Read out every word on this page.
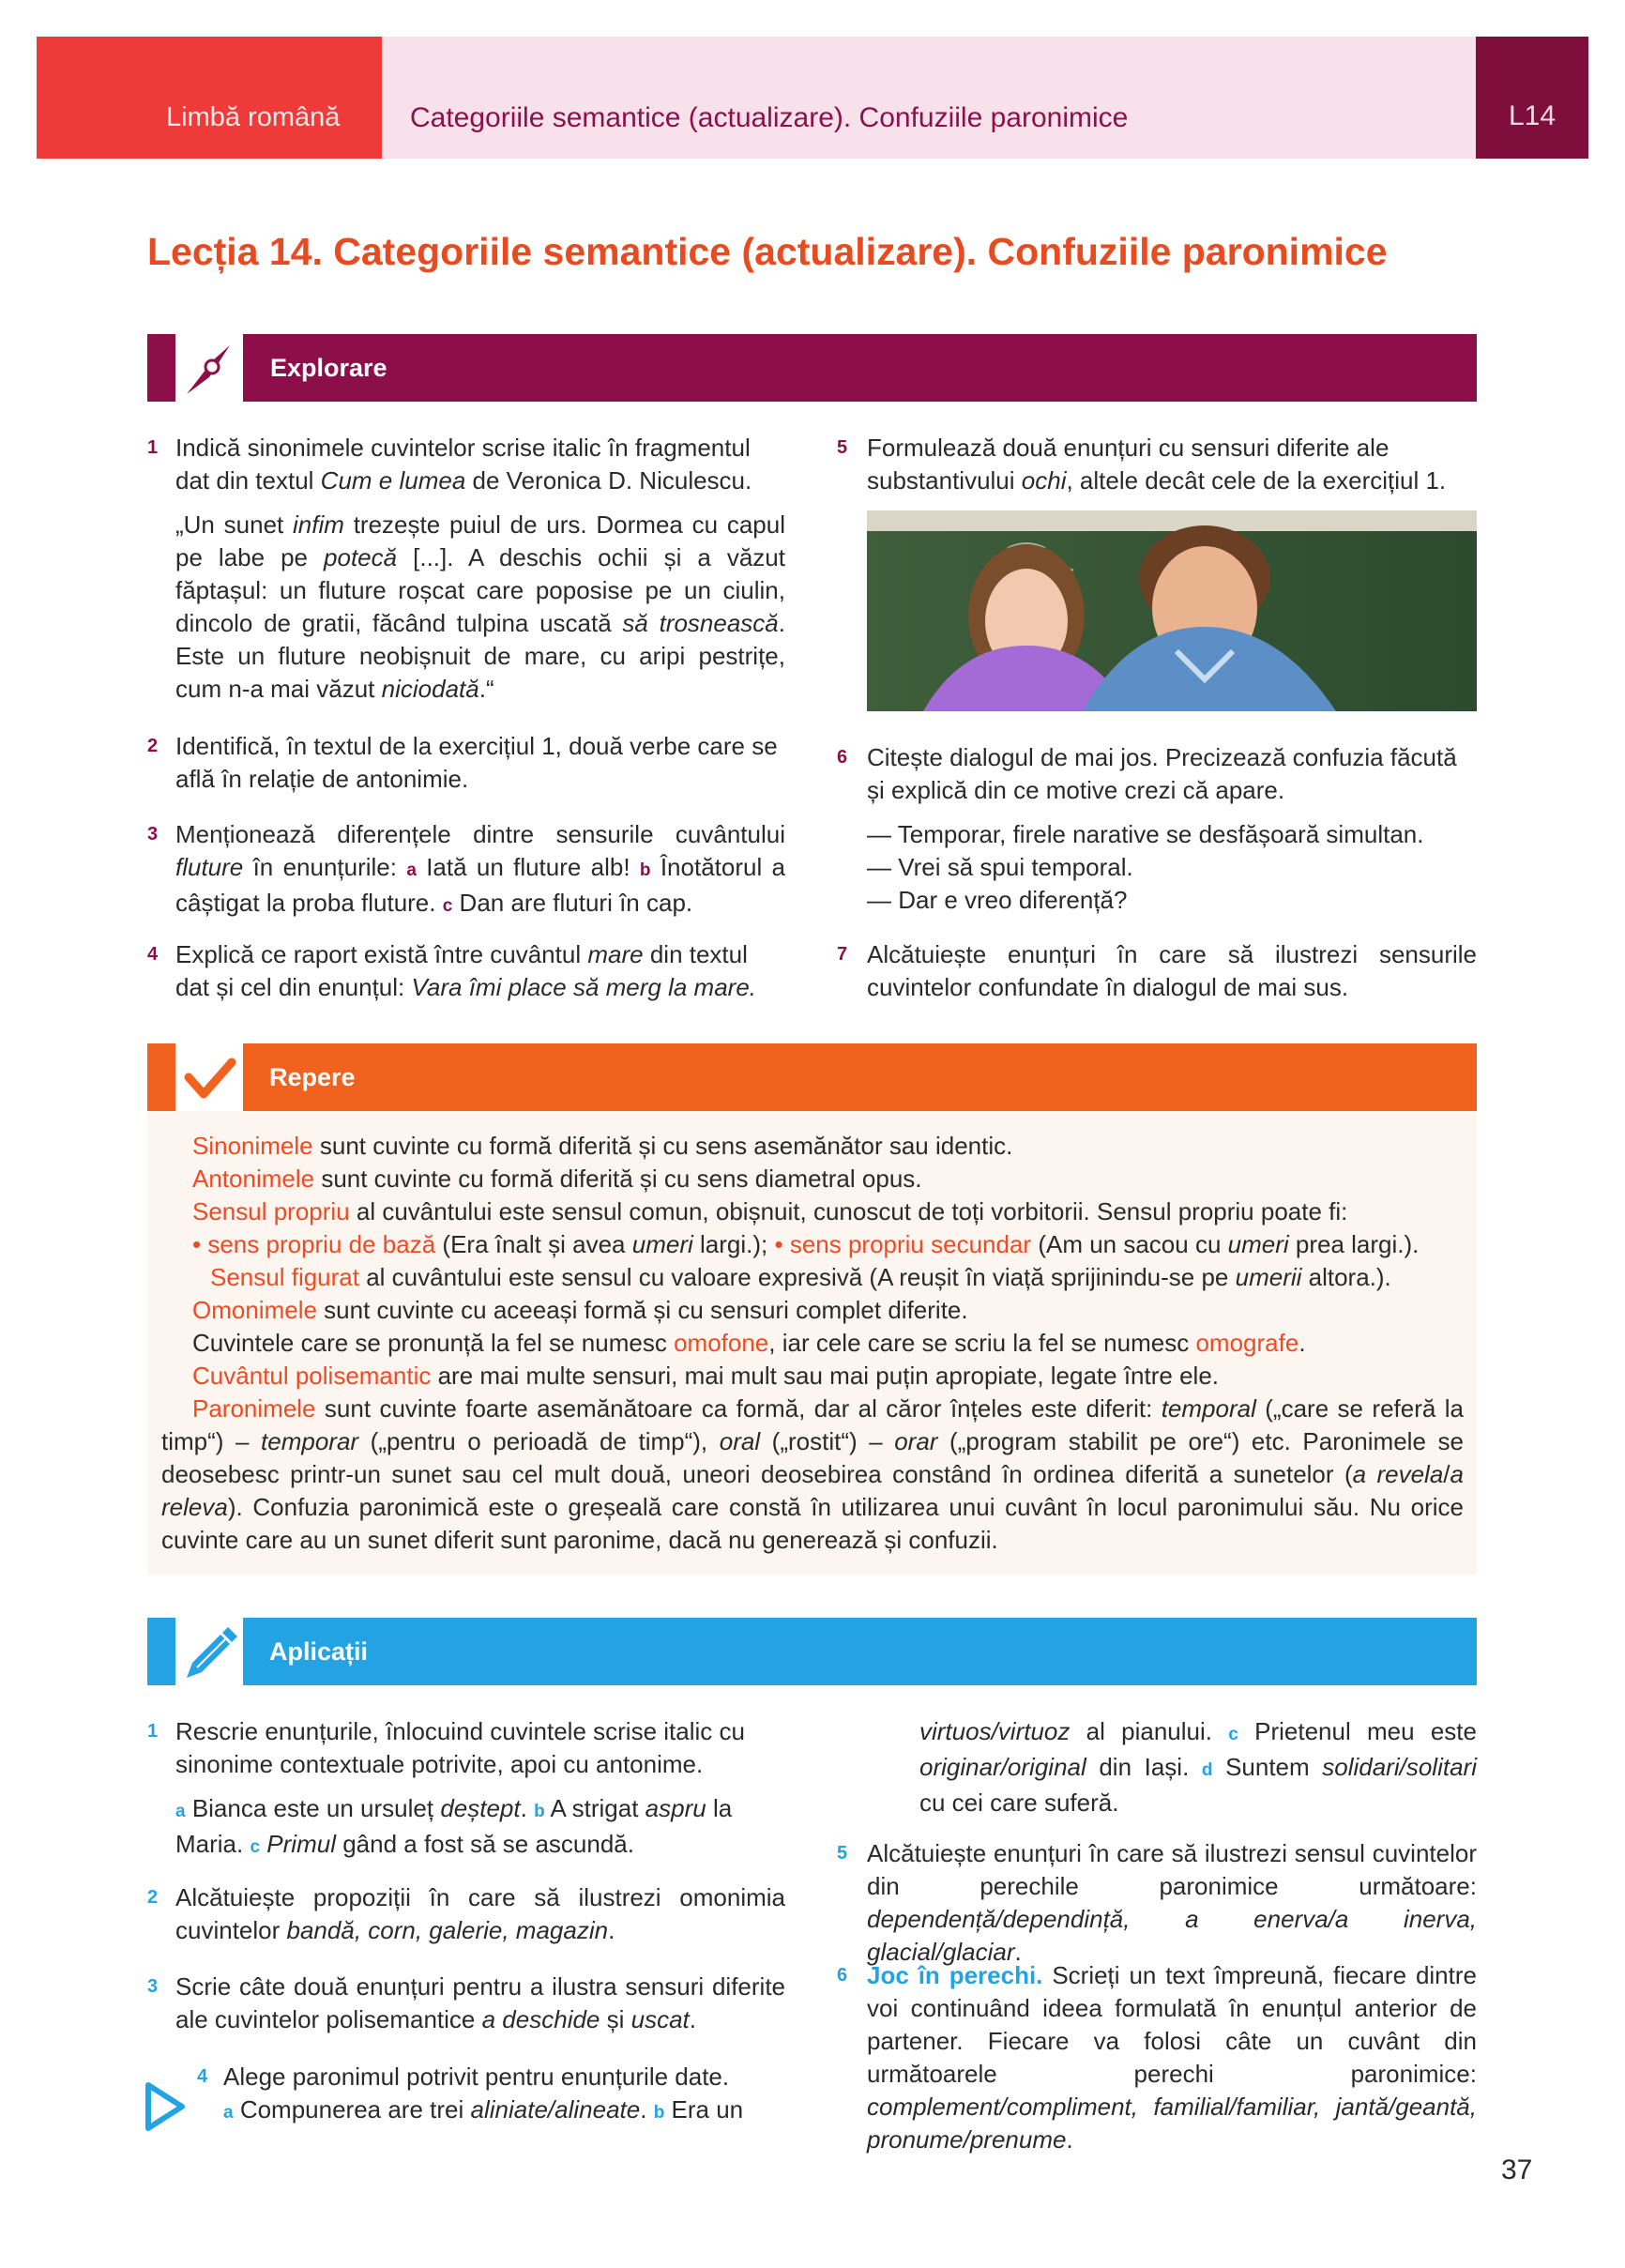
Limbă română	Categoriile semantice (actualizare). Confuziile paronimice	L14
Lecția 14. Categoriile semantice (actualizare). Confuziile paronimice
Explorare
1 Indică sinonimele cuvintelor scrise italic în fragmentul dat din textul Cum e lumea de Veronica D. Niculescu.
„Un sunet infim trezește puiul de urs. Dormea cu capul pe labe pe potecă [...]. A deschis ochii și a văzut făptașul: un fluture roșcat care poposise pe un ciulin, dincolo de gratii, făcând tulpina uscată să trosnească. Este un fluture neobișnuit de mare, cu aripi pestrițe, cum n-a mai văzut niciodată.“
2 Identifică, în textul de la exercițiul 1, două verbe care se află în relație de antonimie.
3 Menționează diferențele dintre sensurile cuvântului fluture în enunțurile: a Iată un fluture alb! b Înotătorul a câștigat la proba fluture. c Dan are fluturi în cap.
4 Explică ce raport există între cuvântul mare din textul dat și cel din enunțul: Vara îmi place să merg la mare.
5 Formulează două enunțuri cu sensuri diferite ale substantivului ochi, altele decât cele de la exercițiul 1.
6 Citește dialogul de mai jos. Precizează confuzia făcută și explică din ce motive crezi că apare.
— Temporar, firele narative se desfășoară simultan.
— Vrei să spui temporal.
— Dar e vreo diferență?
7 Alcătuiește enunțuri în care să ilustrezi sensurile cuvintelor confundate în dialogul de mai sus.
Repere
Sinonimele sunt cuvinte cu formă diferită și cu sens asemănător sau identic.
Antonimele sunt cuvinte cu formă diferită și cu sens diametral opus.
Sensul propriu al cuvântului este sensul comun, obișnuit, cunoscut de toți vorbitorii. Sensul propriu poate fi:
• sens propriu de bază (Era înalt și avea umeri largi.); • sens propriu secundar (Am un sacou cu umeri prea largi.).
Sensul figurat al cuvântului este sensul cu valoare expresivă (A reușit în viață sprijinindu-se pe umerii altora.).
Omonimele sunt cuvinte cu aceeași formă și cu sensuri complet diferite.
Cuvintele care se pronunță la fel se numesc omofone, iar cele care se scriu la fel se numesc omografe.
Cuvântul polisemantic are mai multe sensuri, mai mult sau mai puțin apropiate, legate între ele.
Paronimele sunt cuvinte foarte asemănătoare ca formă, dar al căror înțeles este diferit: temporal („care se referă la timp“) – temporar („pentru o perioadă de timp“), oral („rostit“) – orar („program stabilit pe ore“) etc. Paronimele se deosebesc printr-un sunet sau cel mult două, uneori deosebirea constând în ordinea diferită a sunetelor (a revela/a releva). Confuzia paronimică este o greșeală care constă în utilizarea unui cuvânt în locul paronimului său. Nu orice cuvinte care au un sunet diferit sunt paronime, dacă nu generează și confuzii.
Aplicații
1 Rescrie enunțurile, înlocuind cuvintele scrise italic cu sinonime contextuale potrivite, apoi cu antonime.
a Bianca este un ursuleț deștept. b A strigat aspru la Maria. c Primul gând a fost să se ascundă.
2 Alcătuiește propoziții în care să ilustrezi omonimia cuvintelor bandă, corn, galerie, magazin.
3 Scrie câte două enunțuri pentru a ilustra sensuri diferite ale cuvintelor polisemantice a deschide și uscat.
4 Alege paronimul potrivit pentru enunțurile date.
a Compunerea are trei aliniate/alineate. b Era un
virtuos/virtuoz al pianului. c Prietenul meu este originar/original din Iași. d Suntem solidari/solitari cu cei care suferă.
5 Alcătuiește enunțuri în care să ilustrezi sensul cuvintelor din perechile paronimice următoare: dependență/dependință, a enerva/a inerva, glacial/glaciar.
6 Joc în perechi. Scrieți un text împreună, fiecare dintre voi continuând ideea formulată în enunțul anterior de partener. Fiecare va folosi câte un cuvânt din următoarele perechi paronimice: complement/compliment, familial/familiar, jantă/geantă, pronume/prenume.
37
